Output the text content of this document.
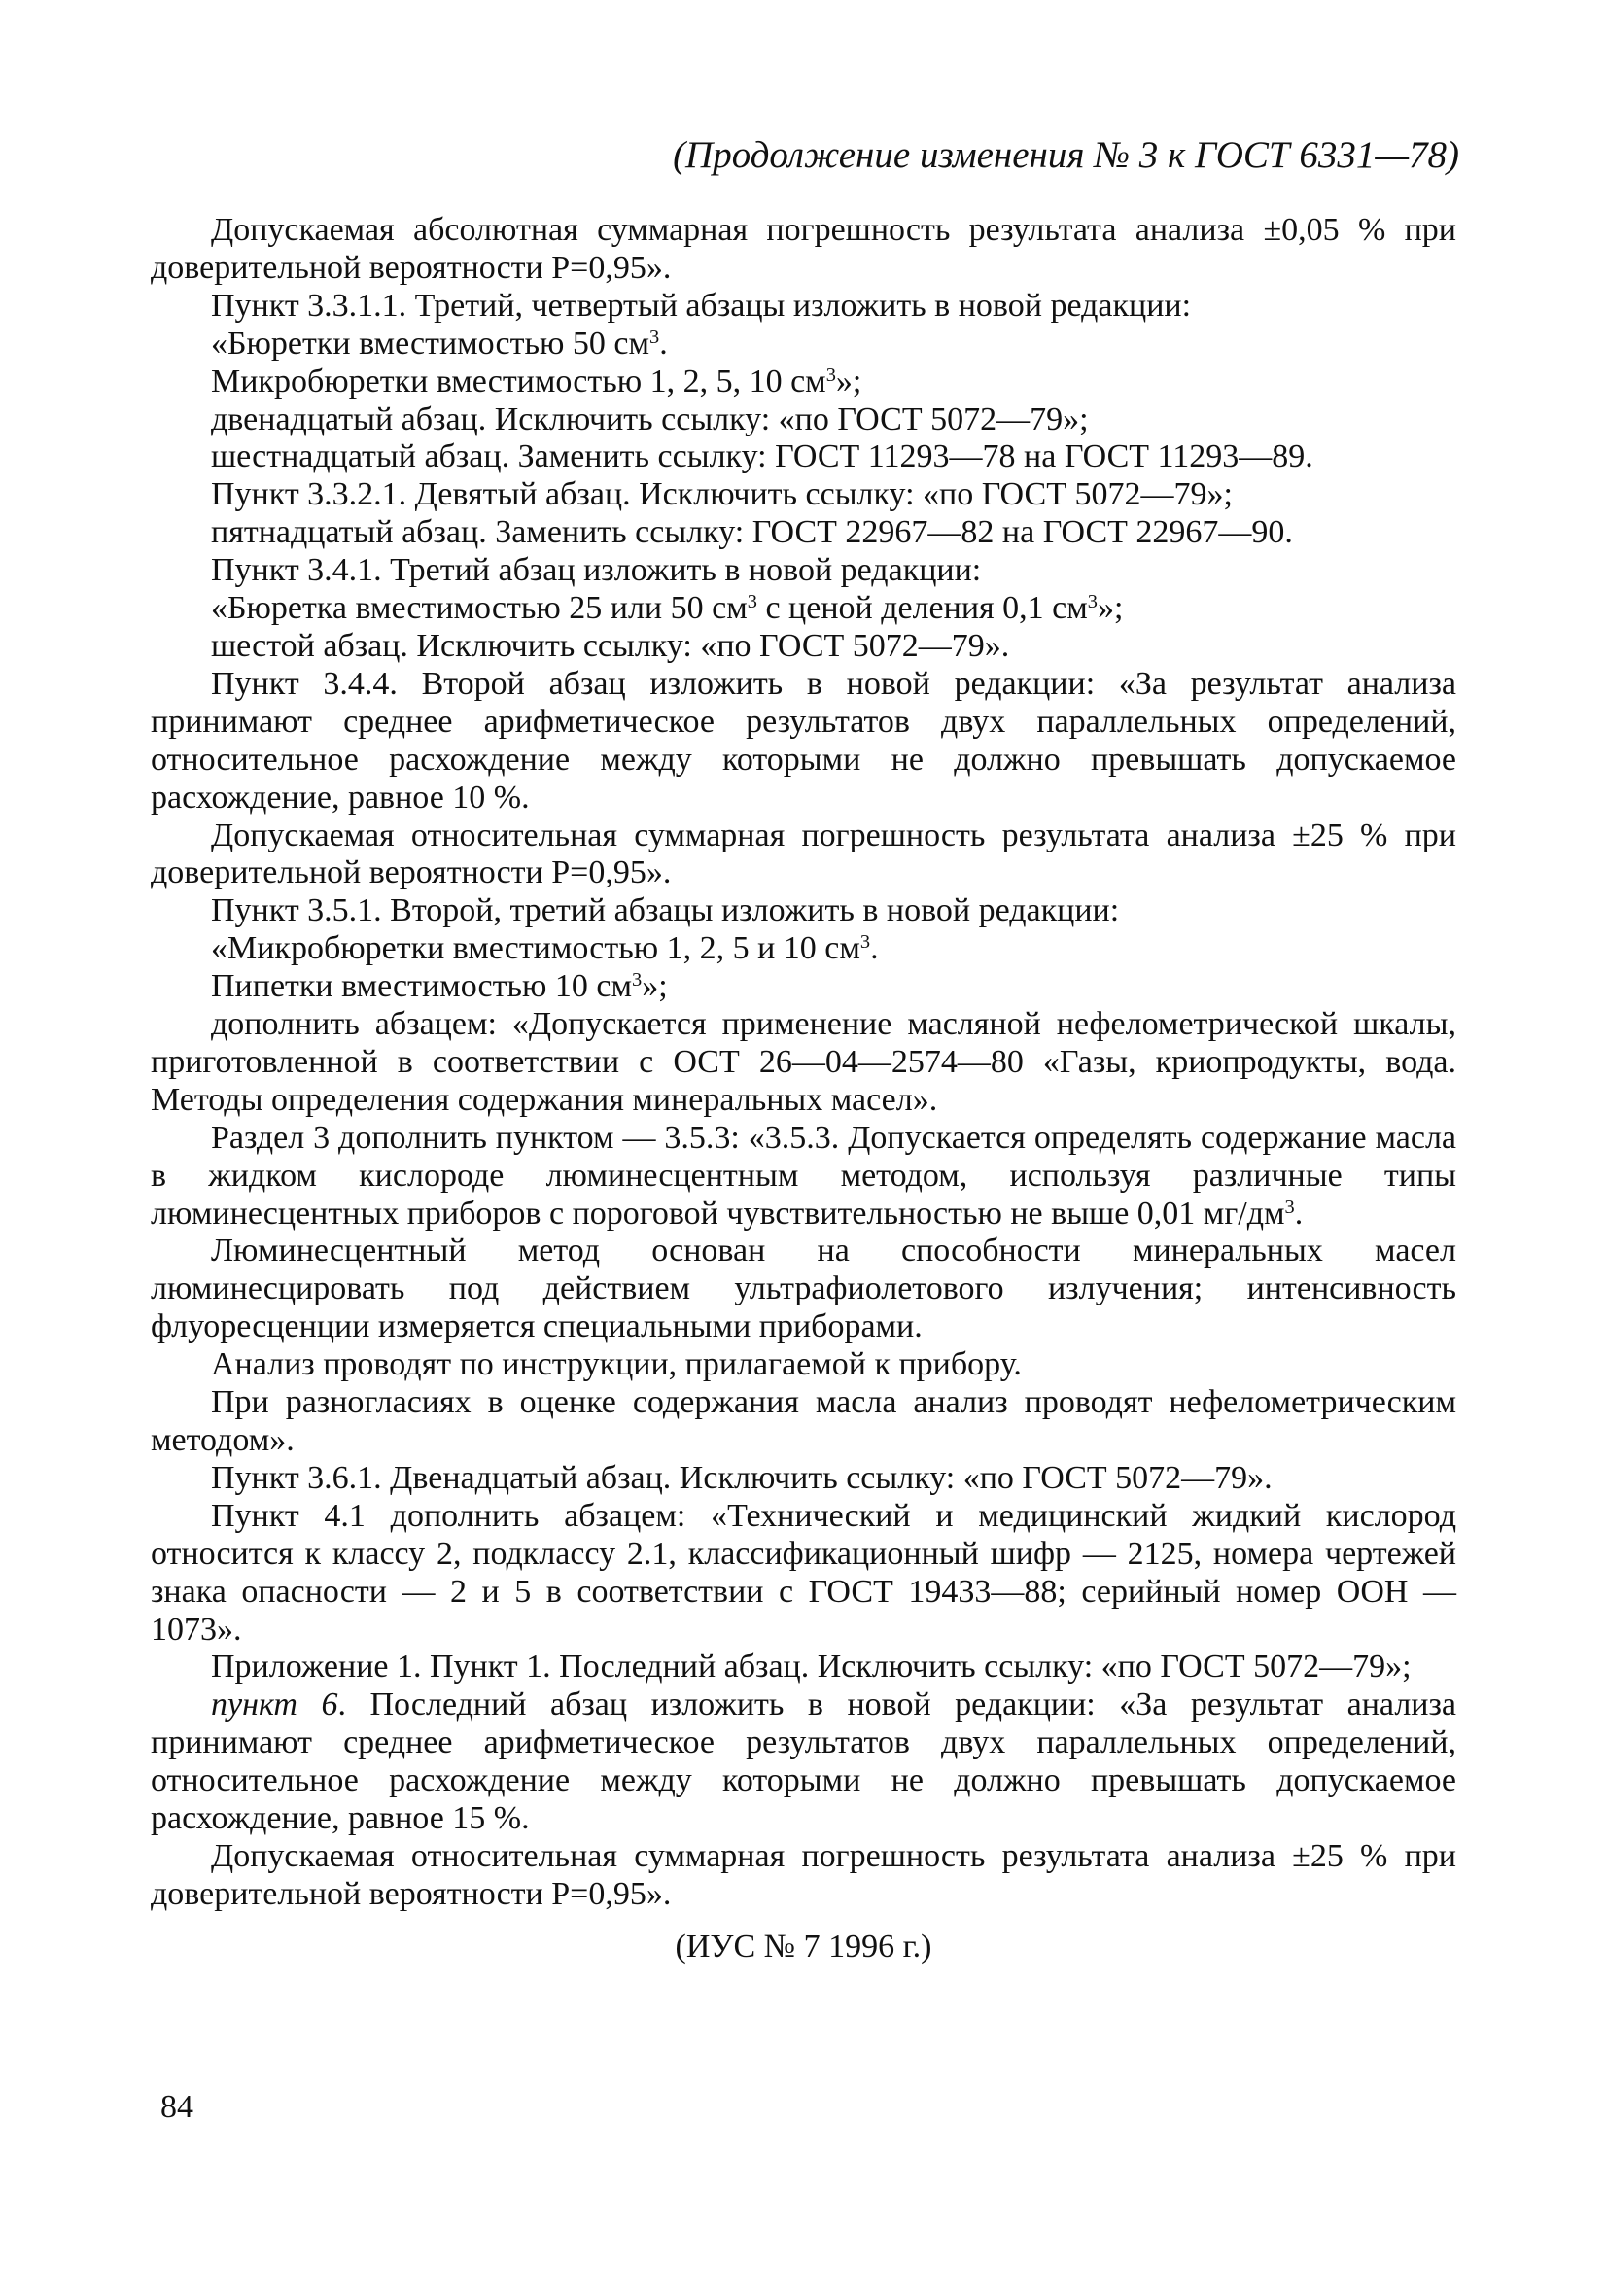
(Продолжение изменения № 3 к ГОСТ 6331—78)

Допускаемая абсолютная суммарная погрешность результата анализа ±0,05 % при доверительной вероятности Р=0,95».

Пункт 3.3.1.1. Третий, четвертый абзацы изложить в новой редакции:

«Бюретки вместимостью 50 $см^3$.

Микробюретки вместимостью 1, 2, 5, 10 $см^3$»;

двенадцатый абзац. Исключить ссылку: «по ГОСТ 5072—79»;

шестнадцатый абзац. Заменить ссылку: ГОСТ 11293—78 на ГОСТ 11293—89.

Пункт 3.3.2.1. Девятый абзац. Исключить ссылку: «по ГОСТ 5072—79»;

пятнадцатый абзац. Заменить ссылку: ГОСТ 22967—82 на ГОСТ 22967—90.

Пункт 3.4.1. Третий абзац изложить в новой редакции:

«Бюретка вместимостью 25 или 50 $см^3$ с ценой деления 0,1 $см^3$»;

шестой абзац. Исключить ссылку: «по ГОСТ 5072—79».

Пункт 3.4.4. Второй абзац изложить в новой редакции: «За результат анализа принимают среднее арифметическое результатов двух параллельных определений, относительное расхождение между которыми не должно превышать допускаемое расхождение, равное 10 %.

Допускаемая относительная суммарная погрешность результата анализа ±25 % при доверительной вероятности Р=0,95».

Пункт 3.5.1. Второй, третий абзацы изложить в новой редакции:

«Микробюретки вместимостью 1, 2, 5 и 10 $см^3$.

Пипетки вместимостью 10 $см^3$»;

дополнить абзацем: «Допускается применение масляной нефелометрической шкалы, приготовленной в соответствии с ОСТ 26—04—2574—80 «Газы, криопродукты, вода. Методы определения содержания минеральных масел».

Раздел 3 дополнить пунктом — 3.5.3: «3.5.3. Допускается определять содержание масла в жидком кислороде люминесцентным методом, используя различные типы люминесцентных приборов с пороговой чувствительностью не выше 0,01 $мг/дм^3$.

Люминесцентный метод основан на способности минеральных масел люминесцировать под действием ультрафиолетового излучения; интенсивность флуоресценции измеряется специальными приборами.

Анализ проводят по инструкции, прилагаемой к прибору.

При разногласиях в оценке содержания масла анализ проводят нефелометрическим методом».

Пункт 3.6.1. Двенадцатый абзац. Исключить ссылку: «по ГОСТ 5072—79».

Пункт 4.1 дополнить абзацем: «Технический и медицинский жидкий кислород относится к классу 2, подклассу 2.1, классификационный шифр — 2125, номера чертежей знака опасности — 2 и 5 в соответствии с ГОСТ 19433—88; серийный номер ООН — 1073».

Приложение 1. Пункт 1. Последний абзац. Исключить ссылку: «по ГОСТ 5072—79»;

пункт 6. Последний абзац изложить в новой редакции: «За результат анализа принимают среднее арифметическое результатов двух параллельных определений, относительное расхождение между которыми не должно превышать допускаемое расхождение, равное 15 %.

Допускаемая относительная суммарная погрешность результата анализа ±25 % при доверительной вероятности Р=0,95».

(ИУС № 7 1996 г.)

84
